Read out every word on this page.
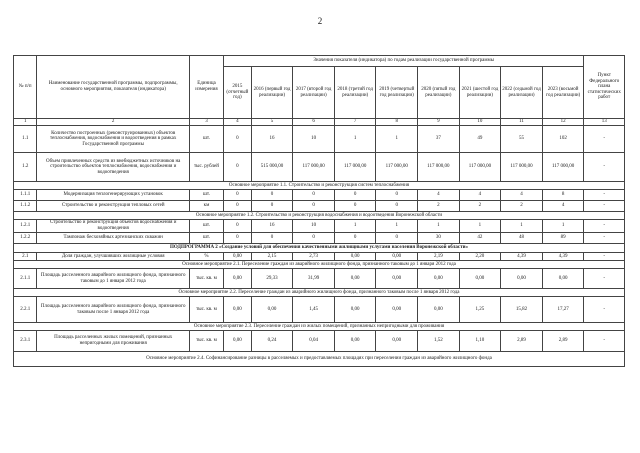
2
№ п/п	Наименование государственной программы, подпрограммы, основного мероприятия, показателя (индикатора)	Единица измерения	Значения показателя (индикатора) по годам реализации государственной программы									Пункт Федерального плана статистических работ
			2015 (отчетный год)	2016 (первый год реализации)	2017 (второй год реализации)	2018 (третий год реализации)	2019 (четвертый год реализации)	2020 (пятый год реализации)	2021 (шестой год реализации)	2022 (седьмой год реализации)	2023 (восьмой год реализации)	
1	2	3	4	5	6	7	8	9	10	11	12	13
1.1	Количество построенных (реконструированных) объектов теплоснабжения, водоснабжения и водоотведения в рамках Государственной программы	шт.	0	16	10	1	1	37	49	55	102	-
1.2	Объем привлеченных средств из внебюджетных источников на строительство объектов теплоснабжения, водоснабжения и водоотведения	тыс. рублей	0	515 000,00	117 000,00	117 000,00	117 000,00	117 000,00	117 000,00	117 000,00	117 000,00	-
Основное мероприятие 1.1. Строительство и реконструкция систем теплоснабжения												
1.1.1	Модернизация теплогенерирующих установок	шт.	0	0	0	0	0	4	4	4	8	-
1.1.2	Строительство и реконструкция тепловых сетей	км	0	0	0	0	0	2	2	2	4	-
Основное мероприятие 1.2. Строительство и реконструкция водоснабжения и водоотведения Воронежской области												
1.2.1	Строительство и реконструкция объектов водоснабжения и водоотведения	шт.	0	16	10	1	1	1	1	1	1	-
1.2.2	Тампонаж бесхозяйных артезианских скважин	шт.	0	0	0	0	0	30	42	48	89	-
ПОДПРОГРАММА 2 «Создание условий для обеспечения качественными жилищными услугами населения Воронежской области»												
2.1	Доля граждан, улучшивших жилищные условия	%	0,00	2,15	2,73	0,00	0,00	2,19	2,20	4,39	4,39	-
Основное мероприятие 2.1. Переселение граждан из аварийного жилищного фонда, признанного таковым до 1 января 2012 года												
2.1.1	Площадь расселенного аварийного жилищного фонда, признанного таковым до 1 января 2012 года	тыс. кв. м	0,00	29,33	31,99	0,00	0,00	0,00	0,00	0,00	0,00	-
Основное мероприятие 2.2. Переселение граждан из аварийного жилищного фонда, признанного таковым после 1 января 2012 года												
2.2.1	Площадь расселенного аварийного жилищного фонда, признанного таковым после 1 января 2012 года	тыс. кв. м	0,00	0,00	1,45	0,00	0,00	0,00	1,25	15,82	17,27	-
Основное мероприятие 2.3. Переселение граждан из жилых помещений, признанных непригодными для проживания												
2.3.1	Площадь расселенных жилых помещений, признанных непригодными для проживания	тыс. кв. м	0,00	0,24	0,04	0,00	0,00	1,52	1,10	2,89	2,89	-
Основное мероприятие 2.4. Софинансирование разницы в расселяемых и предоставляемых площадях при переселении граждан из аварийного жилищного фонда												
